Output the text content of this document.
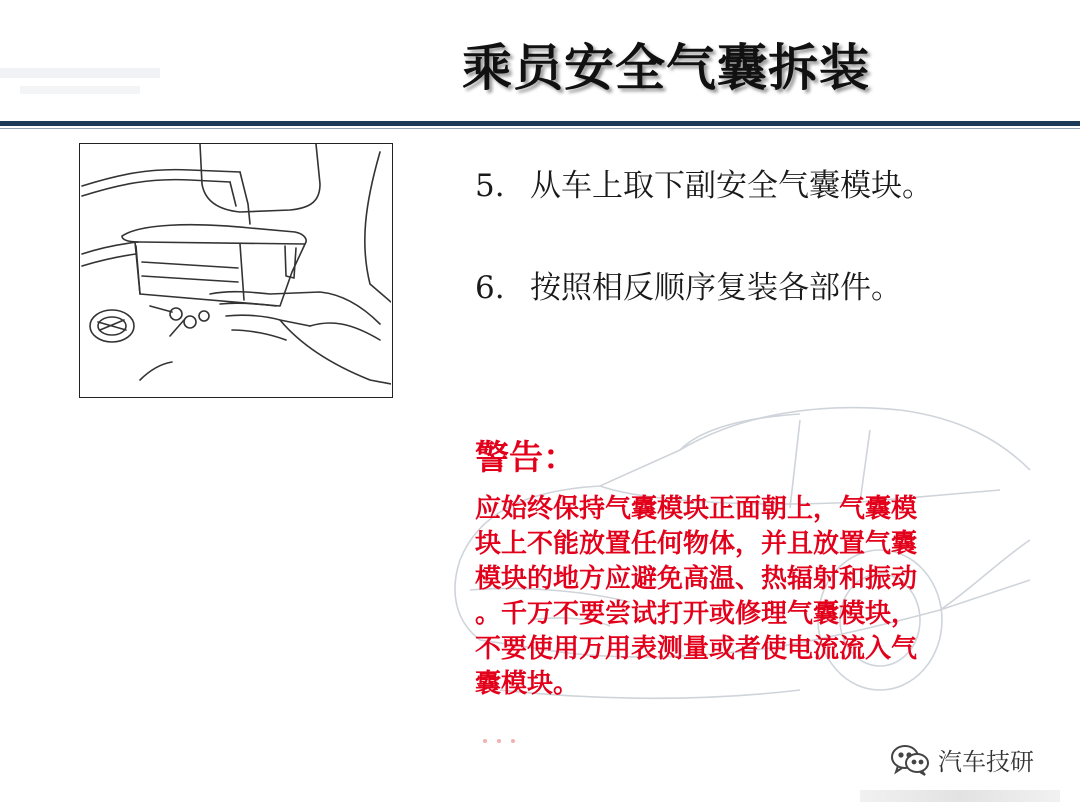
乘员安全气囊拆装
5. 从车上取下副安全气囊模块。
6. 按照相反顺序复装各部件。
警告：
应始终保持气囊模块正面朝上，气囊模
块上不能放置任何物体，并且放置气囊
模块的地方应避免高温、热辐射和振动
。千万不要尝试打开或修理气囊模块，
不要使用万用表测量或者使电流流入气
囊模块。
汽车技研
